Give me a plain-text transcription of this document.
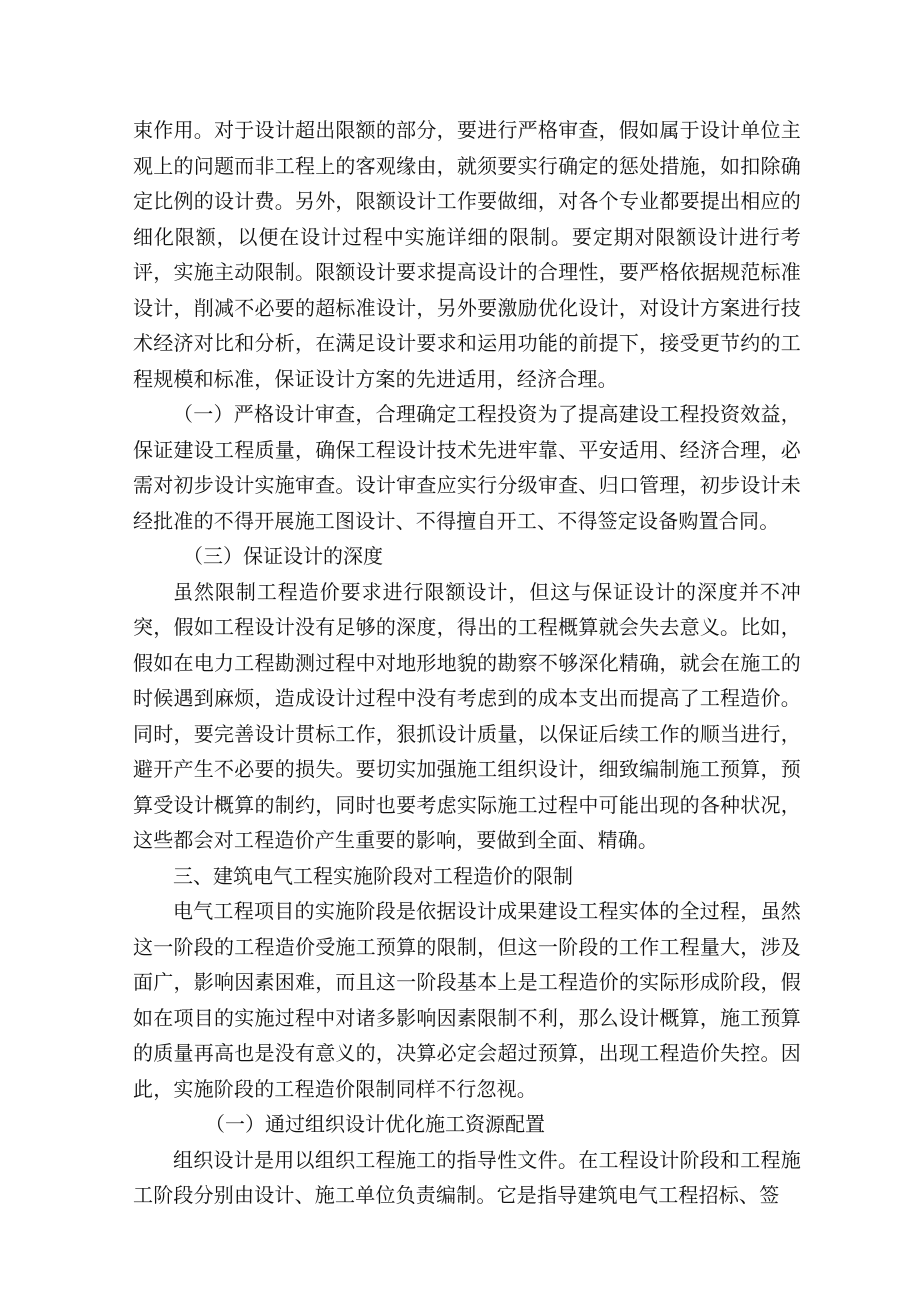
束作用。对于设计超出限额的部分，要进行严格审查，假如属于设计单位主观上的问题而非工程上的客观缘由，就须要实行确定的惩处措施，如扣除确定比例的设计费。另外，限额设计工作要做细，对各个专业都要提出相应的细化限额，以便在设计过程中实施详细的限制。要定期对限额设计进行考评，实施主动限制。限额设计要求提高设计的合理性，要严格依据规范标准设计，削减不必要的超标准设计，另外要激励优化设计，对设计方案进行技术经济对比和分析，在满足设计要求和运用功能的前提下，接受更节约的工程规模和标准，保证设计方案的先进适用，经济合理。

（一）严格设计审查，合理确定工程投资为了提高建设工程投资效益，保证建设工程质量，确保工程设计技术先进牢靠、平安适用、经济合理，必需对初步设计实施审查。设计审查应实行分级审查、归口管理，初步设计未经批准的不得开展施工图设计、不得擅自开工、不得签定设备购置合同。

（三）保证设计的深度

虽然限制工程造价要求进行限额设计，但这与保证设计的深度并不冲突，假如工程设计没有足够的深度，得出的工程概算就会失去意义。比如，假如在电力工程勘测过程中对地形地貌的勘察不够深化精确，就会在施工的时候遇到麻烦，造成设计过程中没有考虑到的成本支出而提高了工程造价。同时，要完善设计贯标工作，狠抓设计质量，以保证后续工作的顺当进行，避开产生不必要的损失。要切实加强施工组织设计，细致编制施工预算，预算受设计概算的制约，同时也要考虑实际施工过程中可能出现的各种状况，这些都会对工程造价产生重要的影响，要做到全面、精确。

三、建筑电气工程实施阶段对工程造价的限制

电气工程项目的实施阶段是依据设计成果建设工程实体的全过程，虽然这一阶段的工程造价受施工预算的限制，但这一阶段的工作工程量大，涉及面广，影响因素困难，而且这一阶段基本上是工程造价的实际形成阶段，假如在项目的实施过程中对诸多影响因素限制不利，那么设计概算，施工预算的质量再高也是没有意义的，决算必定会超过预算，出现工程造价失控。因此，实施阶段的工程造价限制同样不行忽视。

（一）通过组织设计优化施工资源配置

组织设计是用以组织工程施工的指导性文件。在工程设计阶段和工程施工阶段分别由设计、施工单位负责编制。它是指导建筑电气工程招标、签
